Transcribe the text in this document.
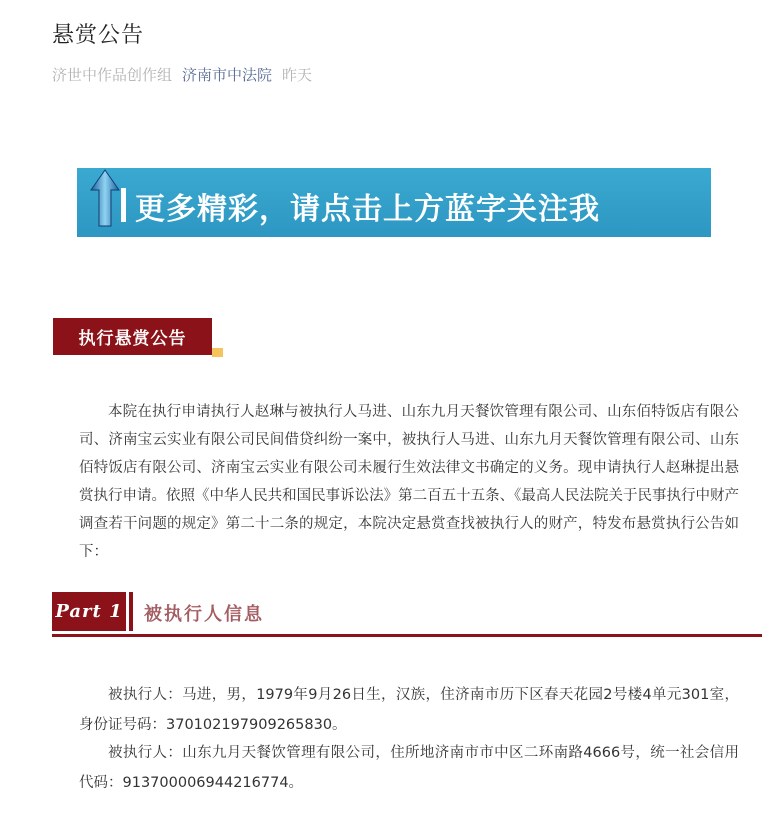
悬赏公告
济世中作品创作组 济南市中法院 昨天
更多精彩，请点击上方蓝字关注我
执行悬赏公告

本院在执行申请执行人赵琳与被执行人马进、山东九月天餐饮管理有限公司、山东佰特饭店有限公司、济南宝云实业有限公司民间借贷纠纷一案中，被执行人马进、山东九月天餐饮管理有限公司、山东佰特饭店有限公司、济南宝云实业有限公司未履行生效法律文书确定的义务。现申请执行人赵琳提出悬赏执行申请。依照《中华人民共和国民事诉讼法》第二百五十五条、《最高人民法院关于民事执行中财产调查若干问题的规定》第二十二条的规定，本院决定悬赏查找被执行人的财产，特发布悬赏执行公告如下：

Part 1 被执行人信息

被执行人：马进，男，1979年9月26日生，汉族，住济南市历下区春天花园2号楼4单元301室，身份证号码：370102197909265830。

被执行人：山东九月天餐饮管理有限公司，住所地济南市市中区二环南路4666号，统一社会信用代码：913700006944216774。
